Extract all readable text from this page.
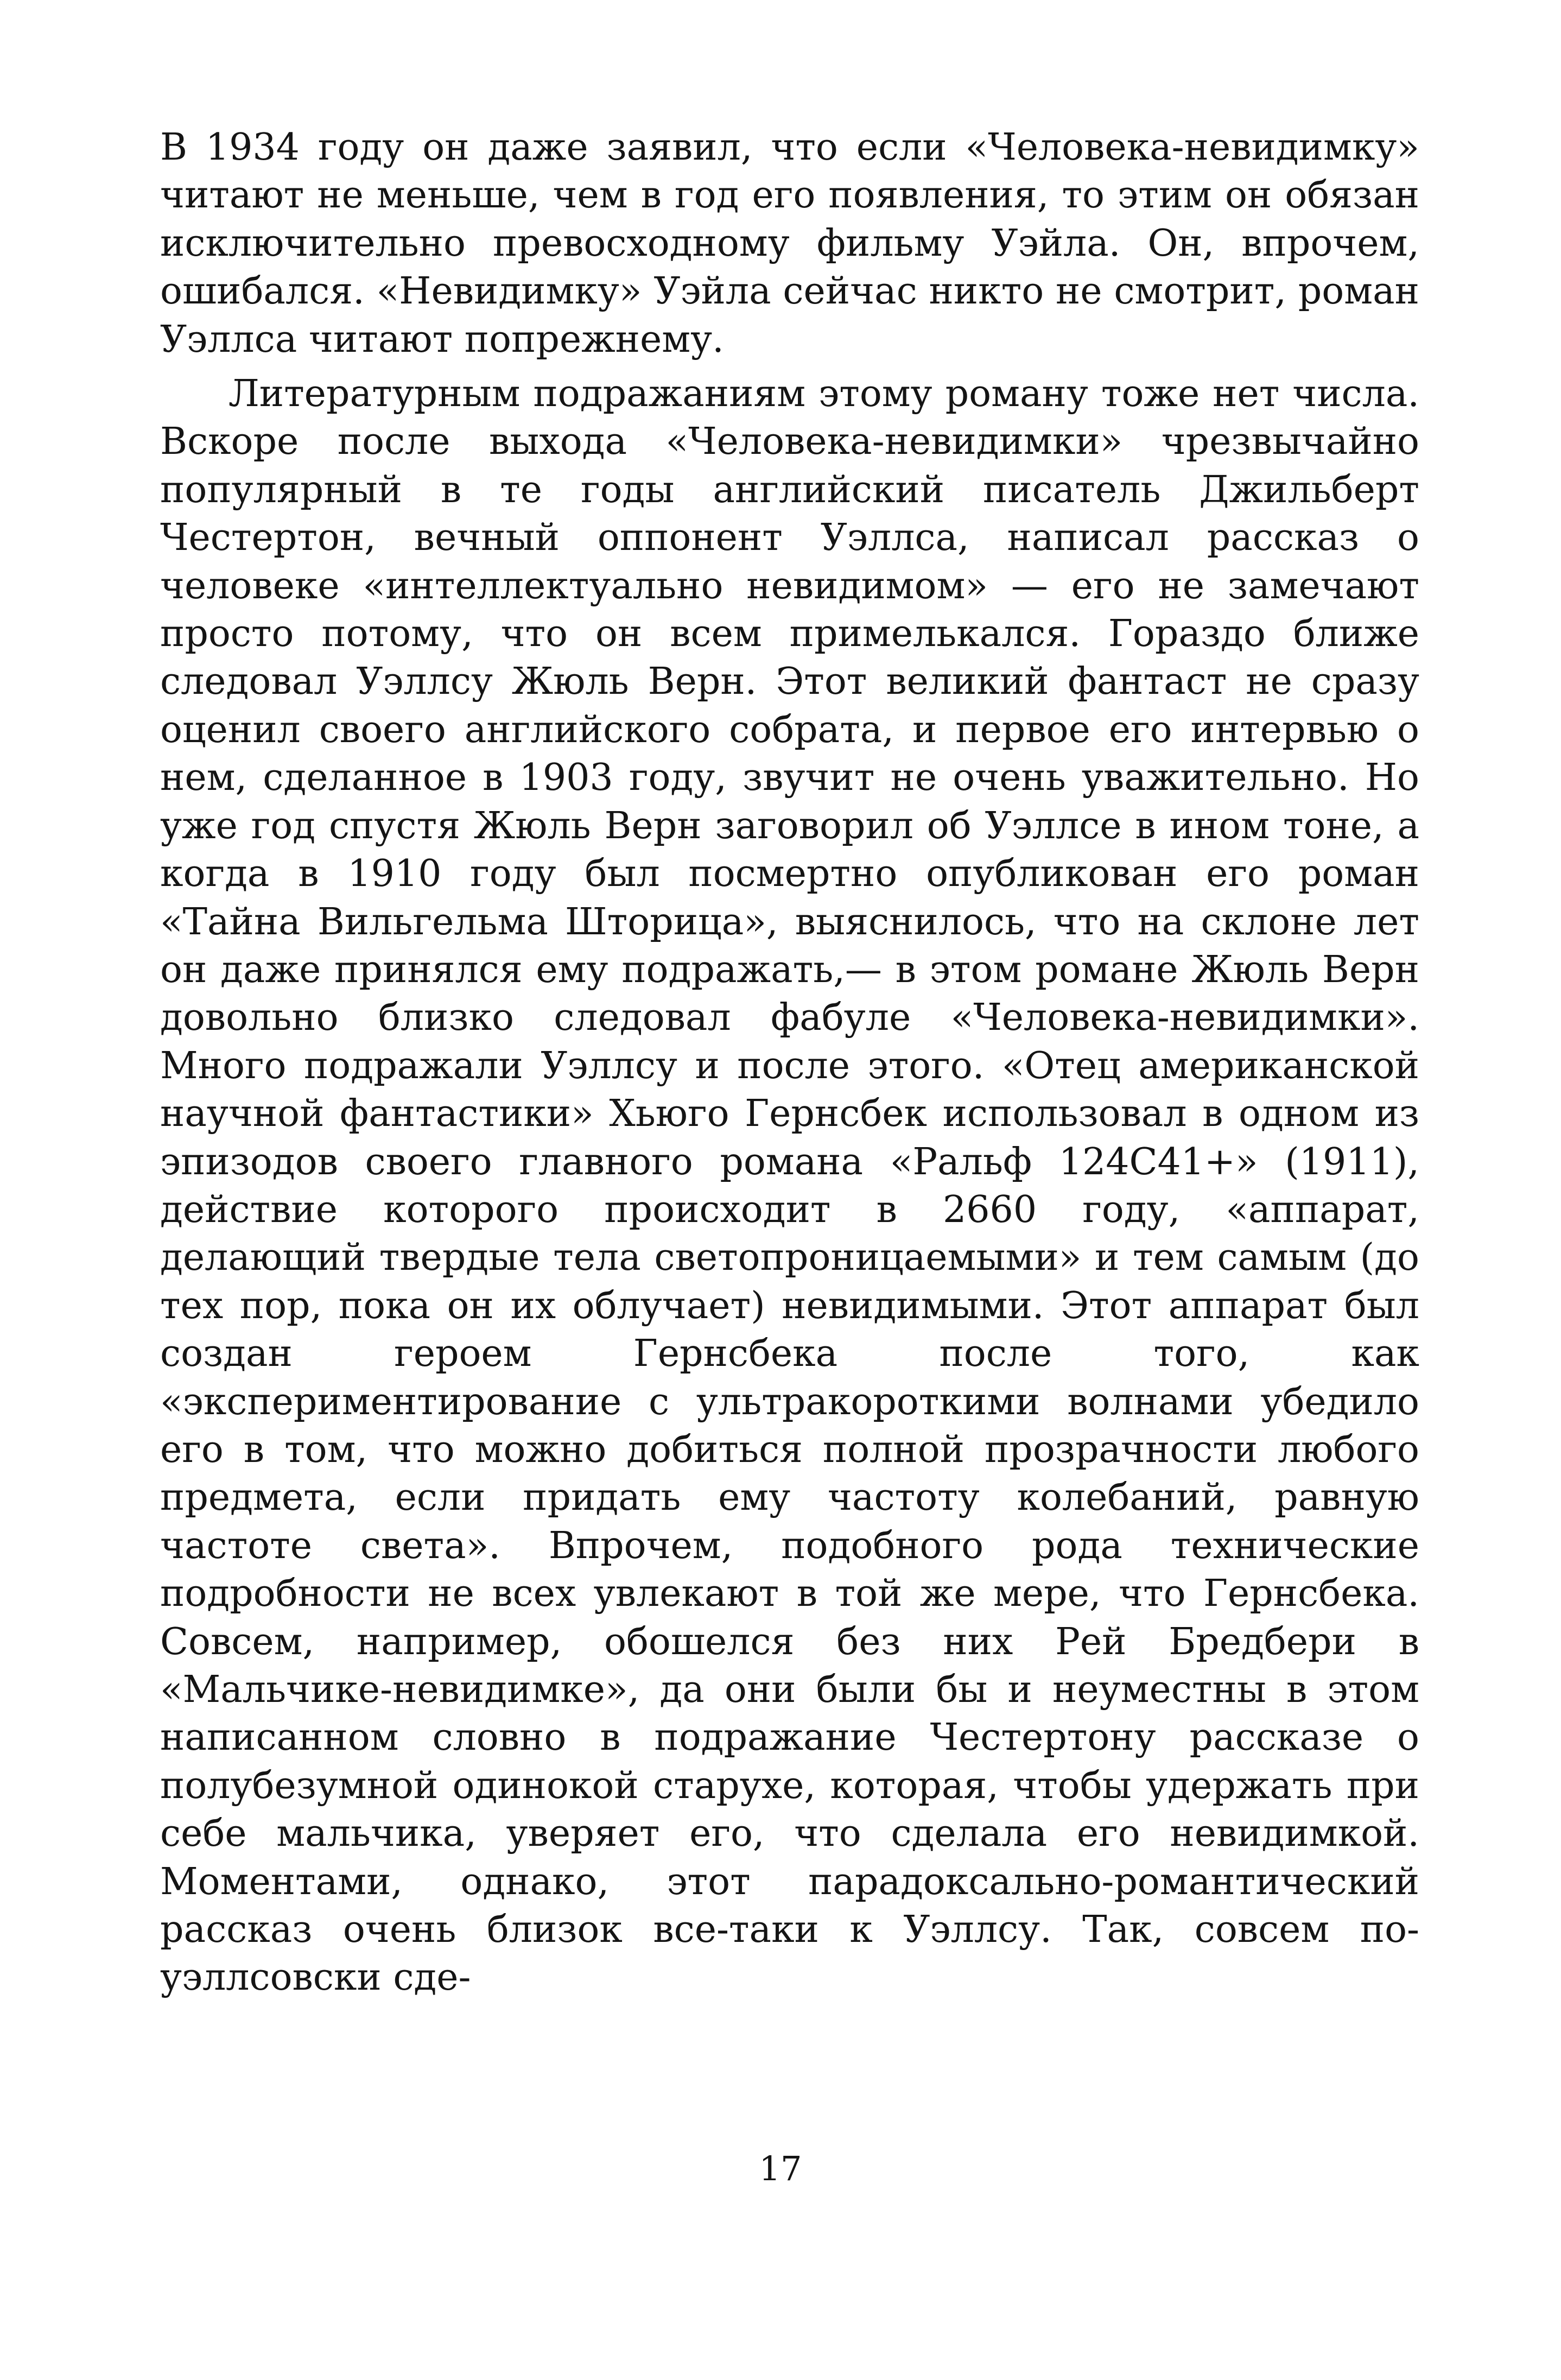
В 1934 году он даже заявил, что если «Человека-невидимку» читают не меньше, чем в год его появления, то этим он обязан исключительно превосходному фильму Уэйла. Он, впрочем, ошибался. «Невидимку» Уэйла сейчас никто не смотрит, роман Уэллса читают попрежнему.

Литературным подражаниям этому роману тоже нет числа. Вскоре после выхода «Человека-невидимки» чрезвычайно популярный в те годы английский писатель Джильберт Честертон, вечный оппонент Уэллса, написал рассказ о человеке «интеллектуально невидимом» — его не замечают просто потому, что он всем примелькался. Гораздо ближе следовал Уэллсу Жюль Верн. Этот великий фантаст не сразу оценил своего английского собрата, и первое его интервью о нем, сделанное в 1903 году, звучит не очень уважительно. Но уже год спустя Жюль Верн заговорил об Уэллсе в ином тоне, а когда в 1910 году был посмертно опубликован его роман «Тайна Вильгельма Шторица», выяснилось, что на склоне лет он даже принялся ему подражать,— в этом романе Жюль Верн довольно близко следовал фабуле «Человека-невидимки». Много подражали Уэллсу и после этого. «Отец американской научной фантастики» Хьюго Гернсбек использовал в одном из эпизодов своего главного романа «Ральф 124С41+» (1911), действие которого происходит в 2660 году, «аппарат, делающий твердые тела светопроницаемыми» и тем самым (до тех пор, пока он их облучает) невидимыми. Этот аппарат был создан героем Гернсбека после того, как «экспериментирование с ультракороткими волнами убедило его в том, что можно добиться полной прозрачности любого предмета, если придать ему частоту колебаний, равную частоте света». Впрочем, подобного рода технические подробности не всех увлекают в той же мере, что Гернсбека. Совсем, например, обошелся без них Рей Бредбери в «Мальчике-невидимке», да они были бы и неуместны в этом написанном словно в подражание Честертону рассказе о полубезумной одинокой старухе, которая, чтобы удержать при себе мальчика, уверяет его, что сделала его невидимкой. Моментами, однако, этот парадоксально-романтический рассказ очень близок все-таки к Уэллсу. Так, совсем по-уэллсовски сде-

17
